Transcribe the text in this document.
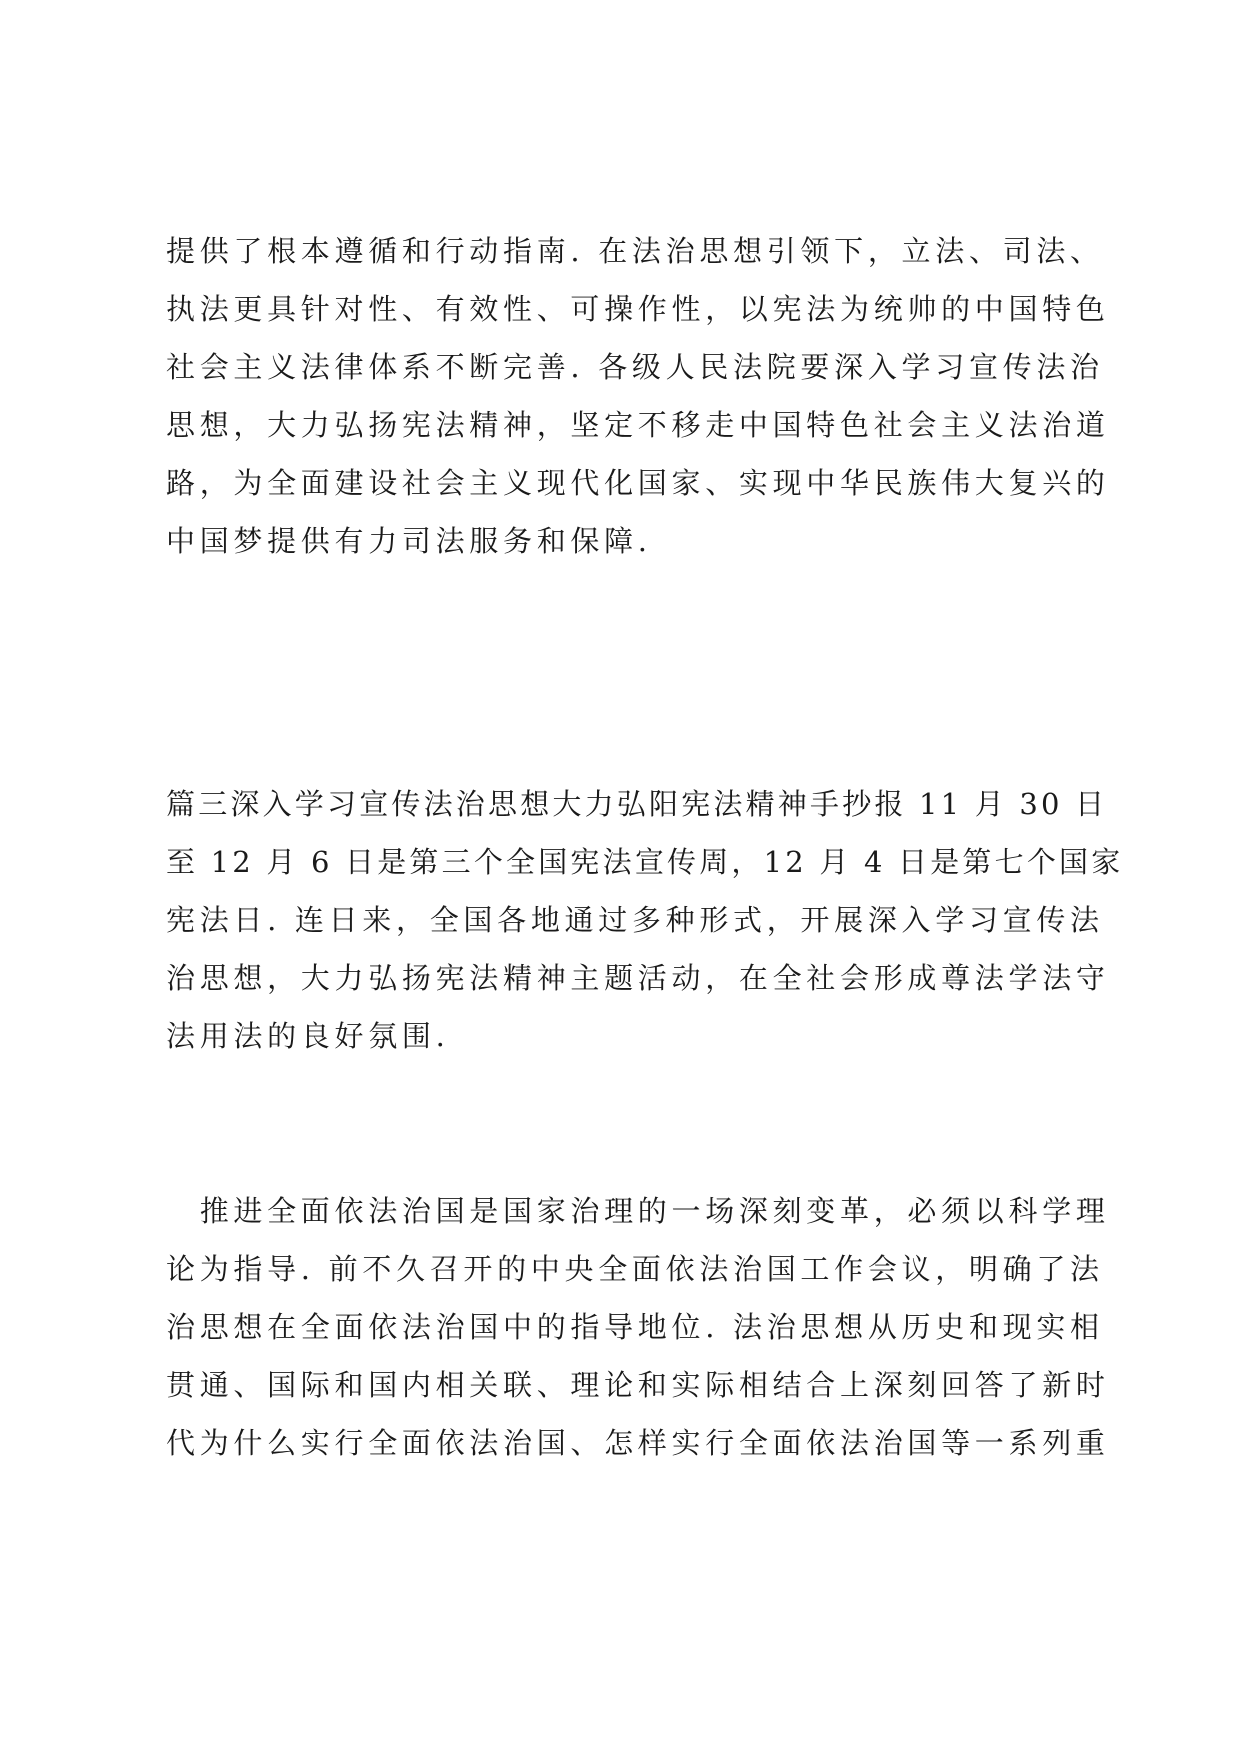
提供了根本遵循和行动指南. 在法治思想引领下，立法、司法、
执法更具针对性、有效性、可操作性，以宪法为统帅的中国特色
社会主义法律体系不断完善. 各级人民法院要深入学习宣传法治
思想，大力弘扬宪法精神，坚定不移走中国特色社会主义法治道
路，为全面建设社会主义现代化国家、实现中华民族伟大复兴的
中国梦提供有力司法服务和保障.
篇三深入学习宣传法治思想大力弘阳宪法精神手抄报 11 月 30 日
至 12 月 6 日是第三个全国宪法宣传周，12 月 4 日是第七个国家
宪法日. 连日来，全国各地通过多种形式，开展深入学习宣传法
治思想，大力弘扬宪法精神主题活动，在全社会形成尊法学法守
法用法的良好氛围.
　推进全面依法治国是国家治理的一场深刻变革，必须以科学理
论为指导. 前不久召开的中央全面依法治国工作会议，明确了法
治思想在全面依法治国中的指导地位. 法治思想从历史和现实相
贯通、国际和国内相关联、理论和实际相结合上深刻回答了新时
代为什么实行全面依法治国、怎样实行全面依法治国等一系列重
